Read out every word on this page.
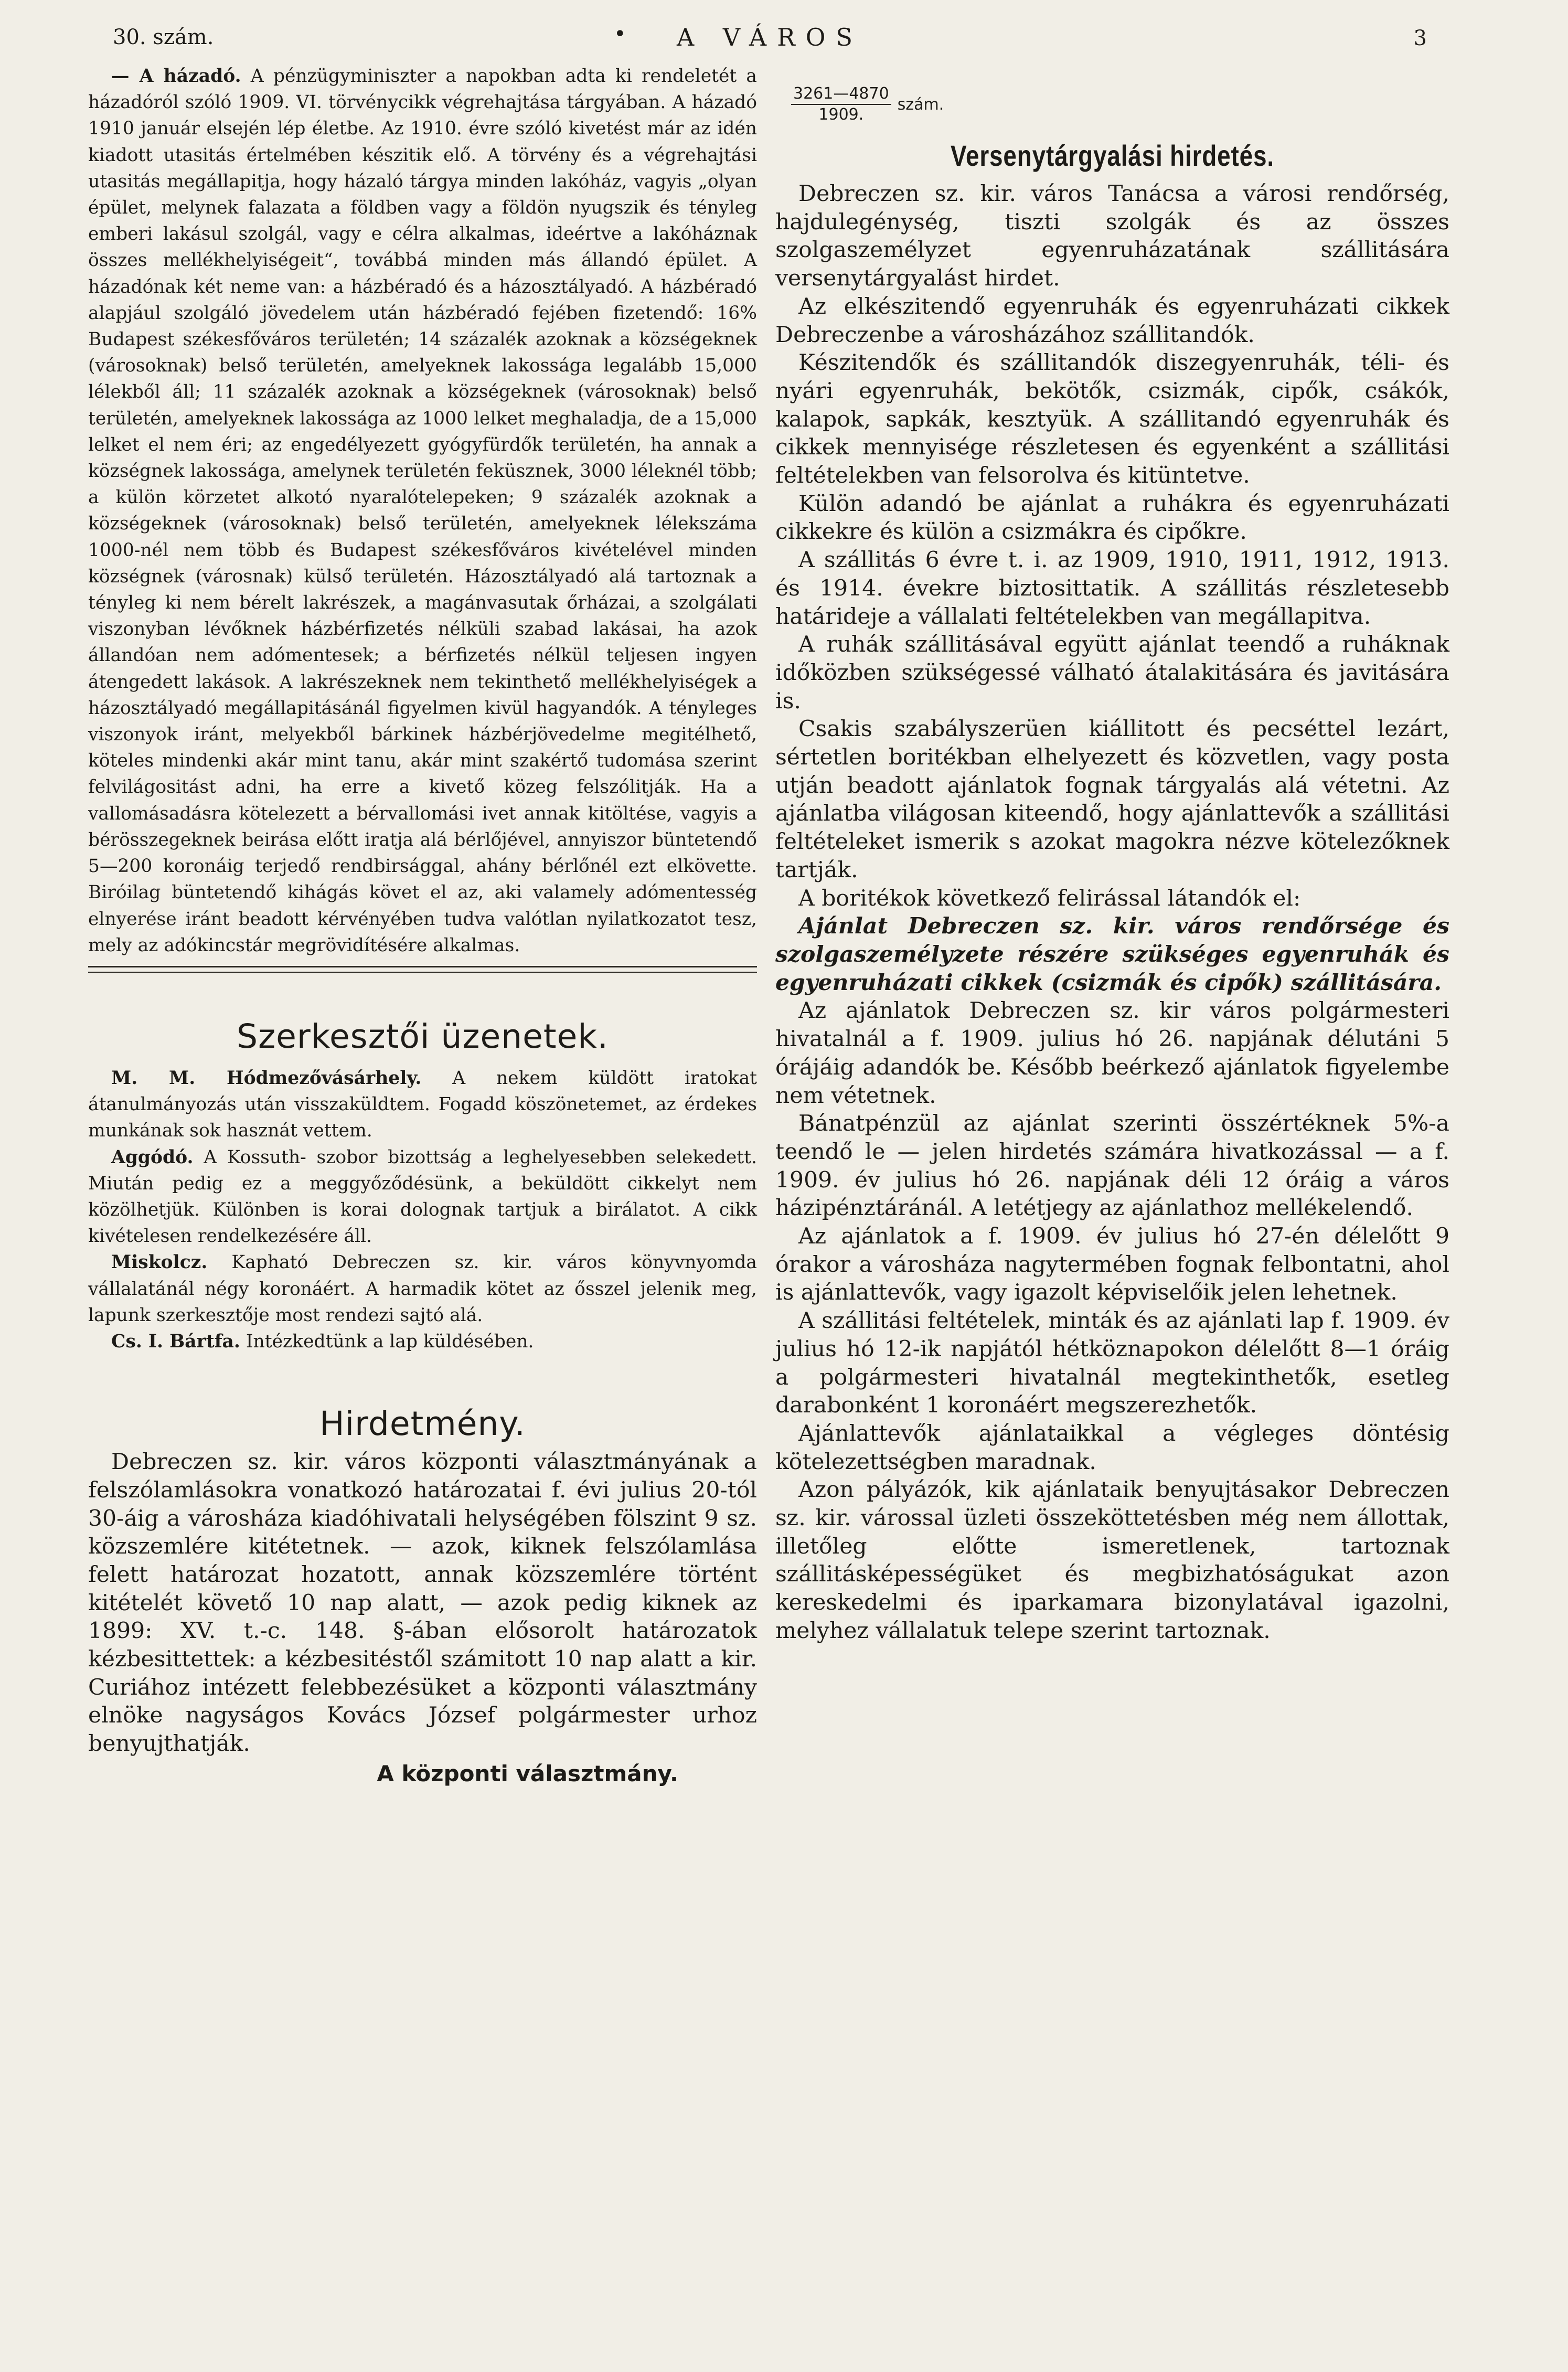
30. szám.	•	A VÁROS	3

— A házadó. A pénzügyminiszter a napokban adta ki rendeletét a házadóról szóló 1909. VI. törvénycikk végrehajtása tárgyában. A házadó 1910 január elsején lép életbe. Az 1910. évre szóló kivetést már az idén kiadott utasitás értelmében készitik elő. A törvény és a végrehajtási utasitás megállapitja, hogy házaló tárgya minden lakóház, vagyis „olyan épület, melynek falazata a földben vagy a földön nyugszik és tényleg emberi lakásul szolgál, vagy e célra alkalmas, ideértve a lakóháznak összes mellékhelyiségeit“, továbbá minden más állandó épület. A házadónak két neme van: a házbéradó és a házosztályadó. A házbéradó alapjául szolgáló jövedelem után házbéradó fejében fizetendő: 16% Budapest székesfőváros területén; 14 százalék azoknak a községeknek (városoknak) belső területén, amelyeknek lakossága legalább 15,000 lélekből áll; 11 százalék azoknak a községeknek (városoknak) belső területén, amelyeknek lakossága az 1000 lelket meghaladja, de a 15,000 lelket el nem éri; az engedélyezett gyógyfürdők területén, ha annak a községnek lakossága, amelynek területén feküsznek, 3000 léleknél több; a külön körzetet alkotó nyaralótelepeken; 9 százalék azoknak a községeknek (városoknak) belső területén, amelyeknek lélekszáma 1000-nél nem több és Budapest székesfőváros kivételével minden községnek (városnak) külső területén. Házosztályadó alá tartoznak a tényleg ki nem bérelt lakrészek, a magánvasutak őrházai, a szolgálati viszonyban lévőknek házbérfizetés nélküli szabad lakásai, ha azok állandóan nem adómentesek; a bérfizetés nélkül teljesen ingyen átengedett lakások. A lakrészeknek nem tekinthető mellékhelyiségek a házosztályadó megállapitásánál figyelmen kivül hagyandók. A tényleges viszonyok iránt, melyekből bárkinek házbérjövedelme megitélhető, köteles mindenki akár mint tanu, akár mint szakértő tudomása szerint felvilágositást adni, ha erre a kivető közeg felszólitják. Ha a vallomásadásra kötelezett a bérvallomási ivet annak kitöltése, vagyis a bérösszegeknek beirása előtt iratja alá bérlőjével, annyiszor büntetendő 5—200 koronáig terjedő rendbirsággal, ahány bérlőnél ezt elkövette. Biróilag büntetendő kihágás követ el az, aki valamely adómentesség elnyerése iránt beadott kérvényében tudva valótlan nyilatkozatot tesz, mely az adókincstár megrövidítésére alkalmas.

Szerkesztői üzenetek.

M. M. Hódmezővásárhely. A nekem küldött iratokat átanulmányozás után visszaküldtem. Fogadd köszönetemet, az érdekes munkának sok hasznát vettem.

Aggódó. A Kossuth- szobor bizottság a leghelyesebben selekedett. Miután pedig ez a meggyőződésünk, a beküldött cikkelyt nem közölhetjük. Különben is korai dolognak tartjuk a birálatot. A cikk kivételesen rendelkezésére áll.

Miskolcz. Kapható Debreczen sz. kir. város könyvnyomda vállalatánál négy koronáért. A harmadik kötet az ősszel jelenik meg, lapunk szerkesztője most rendezi sajtó alá.

Cs. I. Bártfa. Intézkedtünk a lap küldésében.

Hirdetmény.

Debreczen sz. kir. város központi választmányának a felszólamlásokra vonatkozó határozatai f. évi julius 20-tól 30-áig a városháza kiadóhivatali helységében fölszint 9 sz. közszemlére kitétetnek. — azok, kiknek felszólamlása felett határozat hozatott, annak közszemlére történt kitételét követő 10 nap alatt, — azok pedig kiknek az 1899: XV. t.-c. 148. §-ában elősorolt határozatok kézbesittettek: a kézbesitéstől számitott 10 nap alatt a kir. Curiához intézett felebbezésüket a központi választmány elnöke nagyságos Kovács József polgármester urhoz benyujthatják.

A központi választmány.

$\frac{3261—4870}{1909.}$ szám.
Versenytárgyalási hirdetés.

Debreczen sz. kir. város Tanácsa a városi rendőrség, hajdulegénység, tiszti szolgák és az összes szolgaszemélyzet egyenruházatának szállitására versenytárgyalást hirdet.

Az elkészitendő egyenruhák és egyenruházati cikkek Debreczenbe a városházához szállitandók.

Készitendők és szállitandók diszegyenruhák, téli- és nyári egyenruhák, bekötők, csizmák, cipők, csákók, kalapok, sapkák, kesztyük. A szállitandó egyenruhák és cikkek mennyisége részletesen és egyenként a szállitási feltételekben van felsorolva és kitüntetve.

Külön adandó be ajánlat a ruhákra és egyenruházati cikkekre és külön a csizmákra és cipőkre.

A szállitás 6 évre t. i. az 1909, 1910, 1911, 1912, 1913. és 1914. évekre biztosittatik. A szállitás részletesebb határideje a vállalati feltételekben van megállapitva.

A ruhák szállitásával együtt ajánlat teendő a ruháknak időközben szükségessé válható átalakitására és javitására is.

Csakis szabályszerüen kiállitott és pecséttel lezárt, sértetlen boritékban elhelyezett és közvetlen, vagy posta utján beadott ajánlatok fognak tárgyalás alá vétetni. Az ajánlatba világosan kiteendő, hogy ajánlattevők a szállitási feltételeket ismerik s azokat magokra nézve kötelezőknek tartják.

A boritékok következő felirással látandók el:

Ajánlat Debreczen sz. kir. város rendőrsége és szolgaszemélyzete részére szükséges egyenruhák és egyenruházati cikkek (csizmák és cipők) szállitására.

Az ajánlatok Debreczen sz. kir város polgármesteri hivatalnál a f. 1909. julius hó 26. napjának délutáni 5 órájáig adandók be. Később beérkező ajánlatok figyelembe nem vétetnek.

Bánatpénzül az ajánlat szerinti összértéknek 5%-a teendő le — jelen hirdetés számára hivatkozással — a f. 1909. év julius hó 26. napjának déli 12 óráig a város házipénztáránál. A letétjegy az ajánlathoz mellékelendő.

Az ajánlatok a f. 1909. év julius hó 27-én délelőtt 9 órakor a városháza nagytermében fognak felbontatni, ahol is ajánlattevők, vagy igazolt képviselőik jelen lehetnek.

A szállitási feltételek, minták és az ajánlati lap f. 1909. év julius hó 12-ik napjától hétköznapokon délelőtt 8—1 óráig a polgármesteri hivatalnál megtekinthetők, esetleg darabonként 1 koronáért megszerezhetők.

Ajánlattevők ajánlataikkal a végleges döntésig kötelezettségben maradnak.

Azon pályázók, kik ajánlataik benyujtásakor Debreczen sz. kir. várossal üzleti összeköttetésben még nem állottak, illetőleg előtte ismeretlenek, tartoznak szállitásképességüket és megbizhatóságukat azon kereskedelmi és iparkamara bizonylatával igazolni, melyhez vállalatuk telepe szerint tartoznak.
